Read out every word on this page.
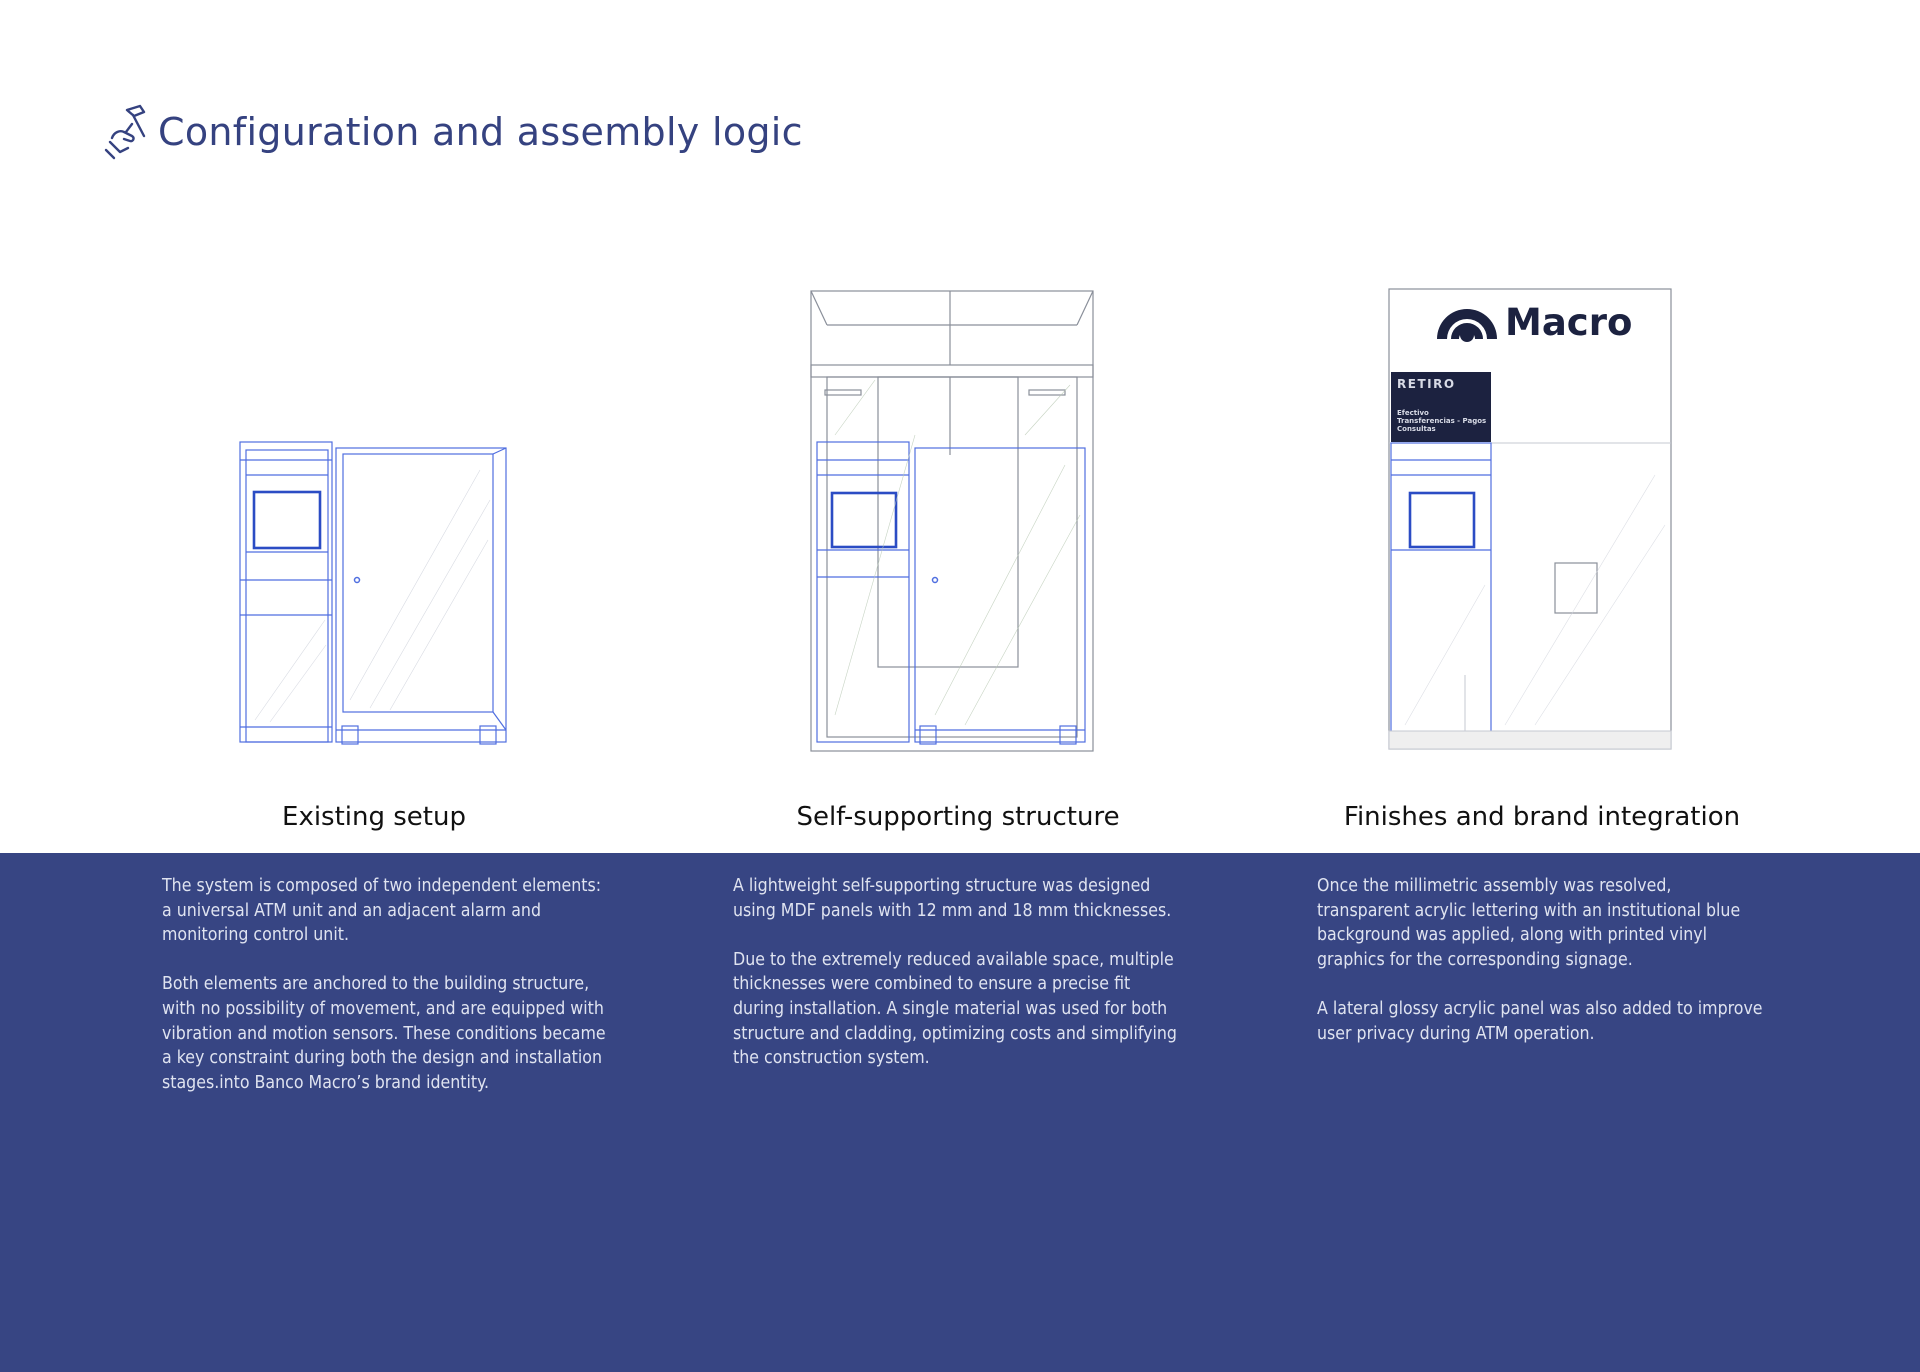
Configuration and assembly logic
Macro
RETIRO
Efectivo
Transferencias - Pagos
Consultas
Existing setup	Self-supporting structure	Finishes and brand integration

The system is composed of two independent elements: a universal ATM unit and an adjacent alarm and monitoring control unit.

Both elements are anchored to the building structure, with no possibility of movement, and are equipped with vibration and motion sensors. These conditions became a key constraint during both the design and installation stages.into Banco Macro’s brand identity.

A lightweight self-supporting structure was designed using MDF panels with 12 mm and 18 mm thicknesses.

Due to the extremely reduced available space, multiple thicknesses were combined to ensure a precise fit during installation. A single material was used for both structure and cladding, optimizing costs and simplifying the construction system.

Once the millimetric assembly was resolved, transparent acrylic lettering with an institutional blue background was applied, along with printed vinyl graphics for the corresponding signage.

A lateral glossy acrylic panel was also added to improve user privacy during ATM operation.
